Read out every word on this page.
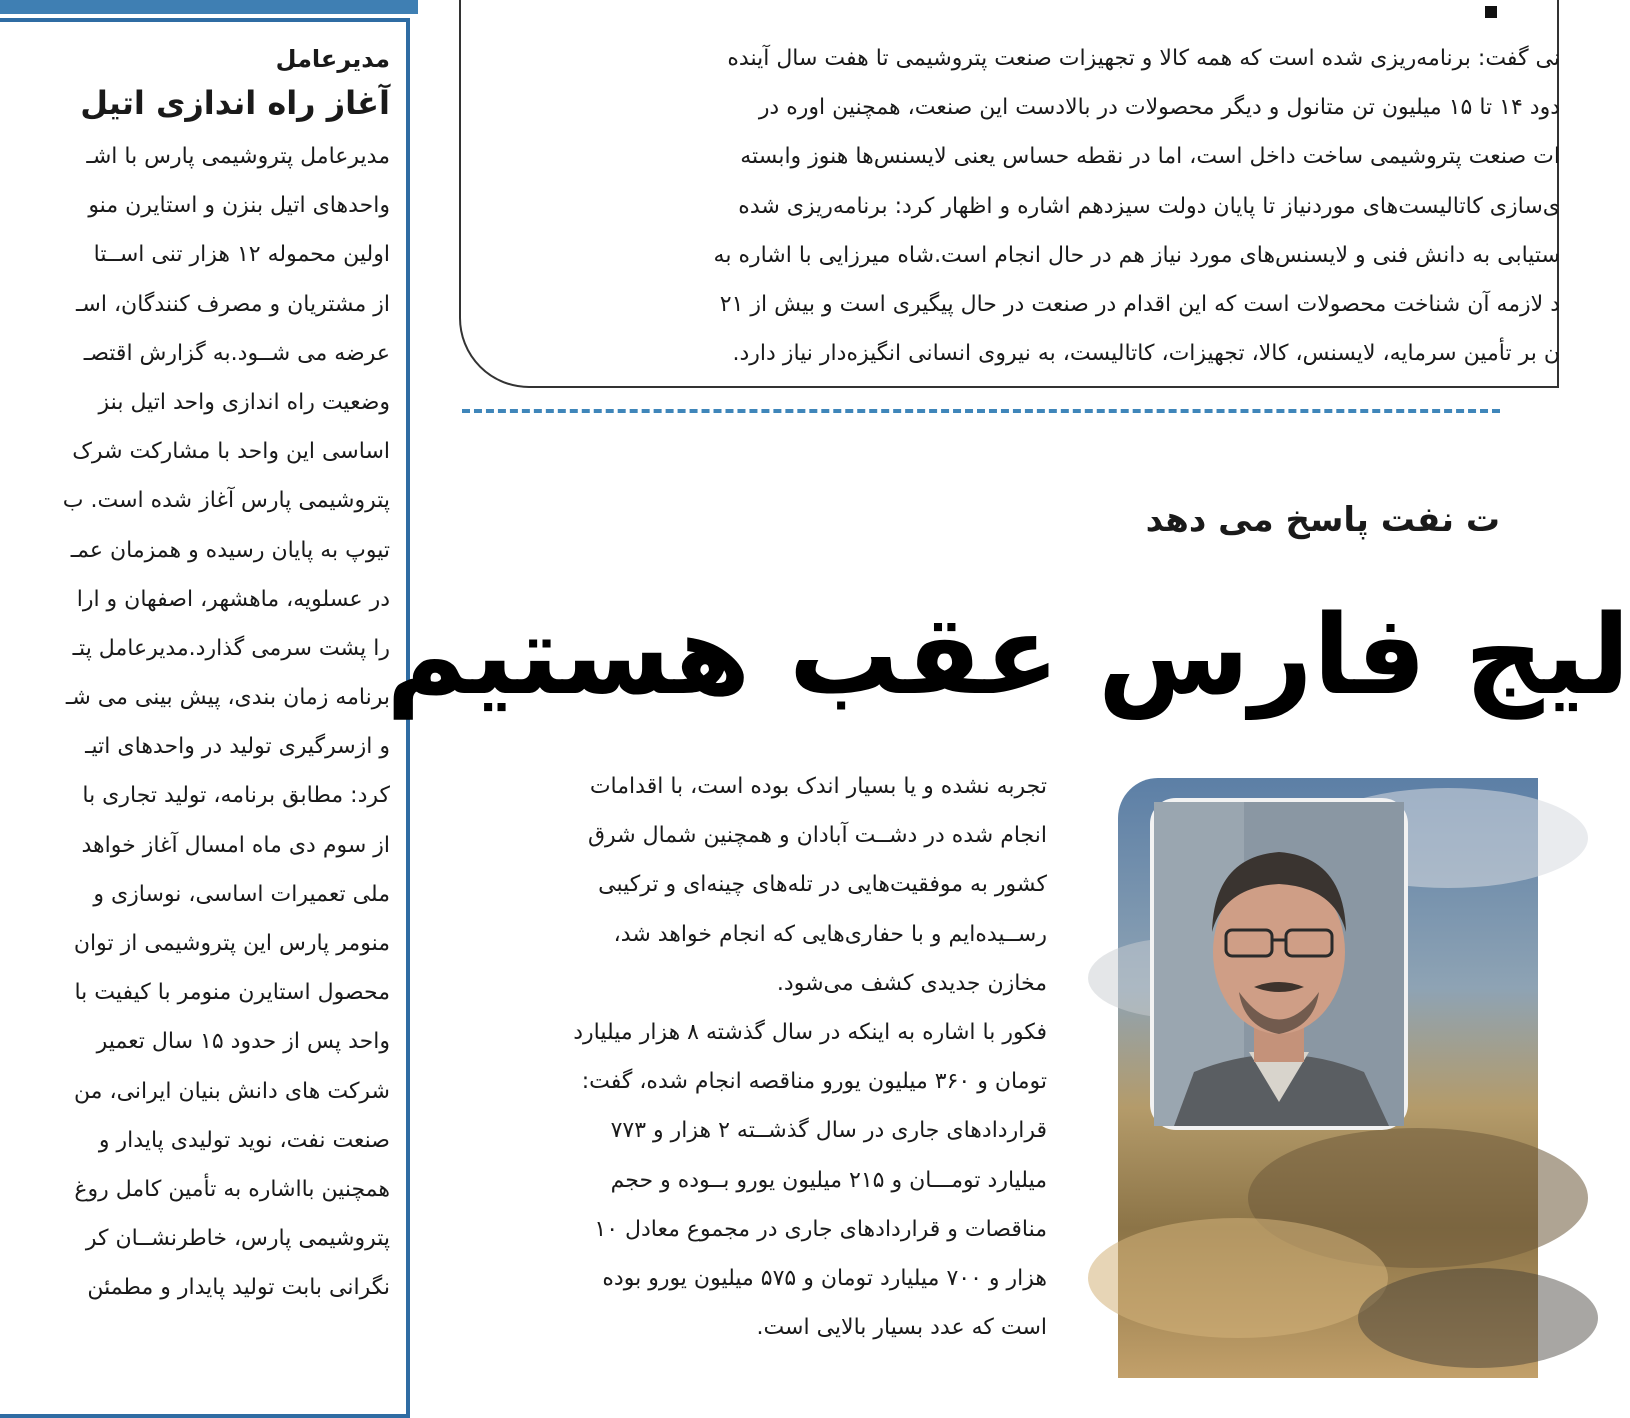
مدیرعامل
آغاز راه اندازی اتیل
مدیرعامل پتروشیمی پارس با اشـ
واحدهای اتیل بنزن و استایرن منو
اولین محموله ۱۲ هزار تنی اســتا
از مشتریان و مصرف کنندگان، اسـ
عرضه می شــود.به گزارش اقتصـ
وضعیت راه اندازی واحد اتیل بنز
اساسی این واحد با مشارکت شرک
پتروشیمی پارس آغاز شده است. ب
تیوپ به پایان رسیده و همزمان عمـ
در عسلویه، ماهشهر، اصفهان و ارا
را پشت سرمی گذارد.مدیرعامل پتـ
برنامه زمان بندی، پیش بینی می شـ
و ازسرگیری تولید در واحدهای اتیـ
کرد: مطابق برنامه، تولید تجاری با
از سوم دی ماه امسال آغاز خواهد
ملی تعمیرات اساسی، نوسازی و
منومر پارس این پتروشیمی از توان
محصول استایرن منومر با کیفیت با
واحد پس از حدود ۱۵ سال تعمیر
شرکت های دانش بنیان ایرانی، من
صنعت نفت، نوید تولیدی پایدار و
همچنین بااشاره به تأمین کامل روغ
پتروشیمی پارس، خاطرنشــان کر
نگرانی بابت تولید پایدار و مطمئن
نی گفت: برنامه‌ریزی شده است که همه کالا و تجهیزات صنعت پتروشیمی تا هفت سال آینده
دود ۱۴ تا ۱۵ میلیون تن متانول و دیگر محصولات در بالادست این صنعت، همچنین اوره در
ات صنعت پتروشیمی ساخت داخل است، اما در نقطه حساس یعنی لایسنس‌ها هنوز وابسته
ی‌سازی کاتالیست‌های موردنیاز تا پایان دولت سیزدهم اشاره و اظهار کرد: برنامه‌ریزی شده
ستیابی به دانش فنی و لایسنس‌های مورد نیاز هم در حال انجام است.شاه میرزایی با اشاره به
د لازمه آن شناخت محصولات است که این اقدام در صنعت در حال پیگیری است و بیش از ۲۱
ن بر تأمین سرمایه، لایسنس، کالا، تجهیزات، کاتالیست، به نیروی انسانی انگیزه‌دار نیاز دارد.
ت نفت پاسخ می دهد
لیج فارس عقب هستیم
تجربه نشده و یا بسیار اندک بوده است، با اقدامات
انجام شده در دشــت آبادان و همچنین شمال شرق
کشور به موفقیت‌هایی در تله‌های چینه‌ای و ترکیبی
رســیده‌ایم و با حفاری‌هایی که انجام خواهد شد،
مخازن جدیدی کشف می‌شود.
فکور با اشاره به اینکه در سال گذشته ۸ هزار میلیارد
تومان و ۳۶۰ میلیون یورو مناقصه انجام شده، گفت:
قراردادهای جاری در سال گذشــته ۲ هزار و ۷۷۳
میلیارد تومـــان و ۲۱۵ میلیون یورو بــوده و حجم
مناقصات و قراردادهای جاری در مجموع معادل ۱۰
هزار و ۷۰۰ میلیارد تومان و ۵۷۵ میلیون یورو بوده
است که عدد بسیار بالایی است.
